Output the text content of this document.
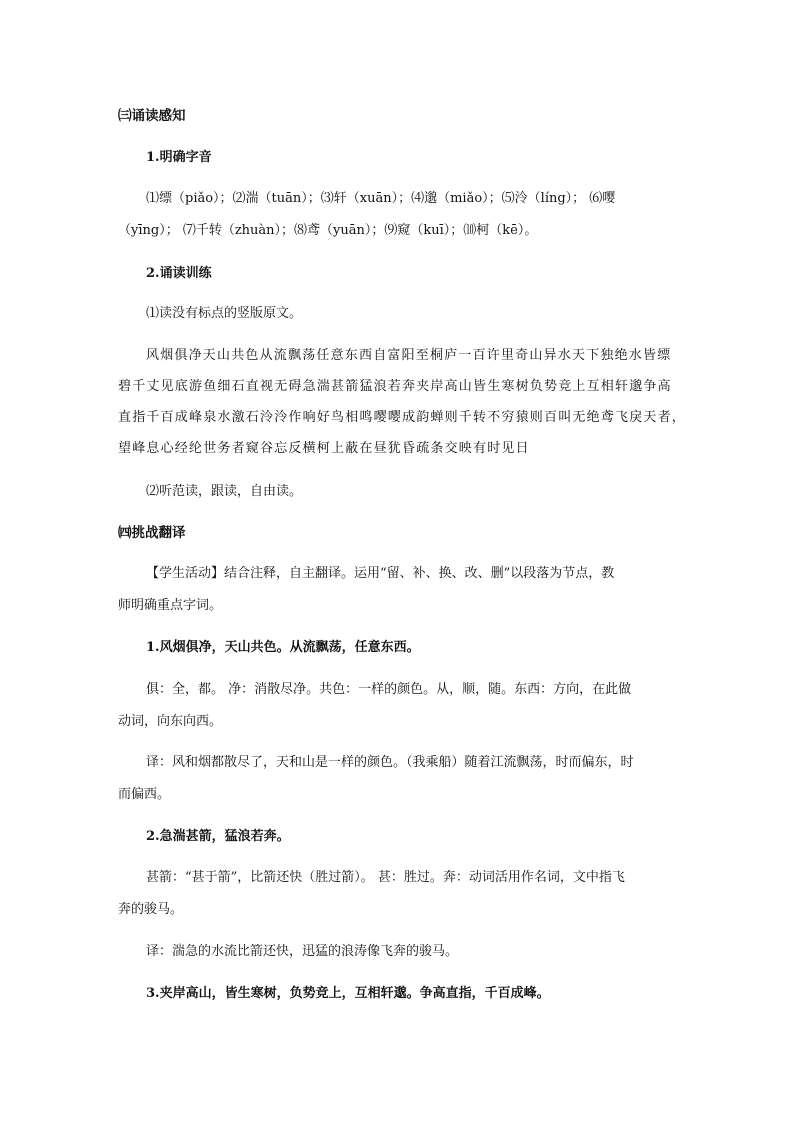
㈢诵读感知
1.明确字音
⑴缥（piǎo）；⑵湍（tuān）；⑶轩（xuān）；⑷邈（miǎo）；⑸泠（líng）； ⑹嘤
（yīng）； ⑺千转（zhuàn）；⑻鸢（yuān）；⑼窥（kuī）；⑽柯（kē）。
2.诵读训练
⑴读没有标点的竖版原文。
风烟俱净天山共色从流飘荡任意东西自富阳至桐庐一百许里奇山异水天下独绝水皆缥
碧千丈见底游鱼细石直视无碍急湍甚箭猛浪若奔夹岸高山皆生寒树负势竞上互相轩邈争高
直指千百成峰泉水激石泠泠作响好鸟相鸣嘤嘤成韵蝉则千转不穷猿则百叫无绝鸢飞戾天者，
望峰息心经纶世务者窥谷忘反横柯上蔽在昼犹昏疏条交映有时见日
⑵听范读，跟读，自由读。
㈣挑战翻译
【学生活动】结合注释，自主翻译。运用“留、补、换、改、删”以段落为节点，教
师明确重点字词。
1.风烟俱净，天山共色。从流飘荡，任意东西。
俱：全，都。 净：消散尽净。共色：一样的颜色。从，顺，随。东西：方向，在此做
动词，向东向西。
译：风和烟都散尽了，天和山是一样的颜色。（我乘船）随着江流飘荡，时而偏东，时
而偏西。
2.急湍甚箭，猛浪若奔。
甚箭：“甚于箭”，比箭还快（胜过箭）。 甚：胜过。奔：动词活用作名词，文中指飞
奔的骏马。
译：湍急的水流比箭还快，迅猛的浪涛像飞奔的骏马。
3.夹岸高山，皆生寒树，负势竞上，互相轩邈。争高直指，千百成峰。
